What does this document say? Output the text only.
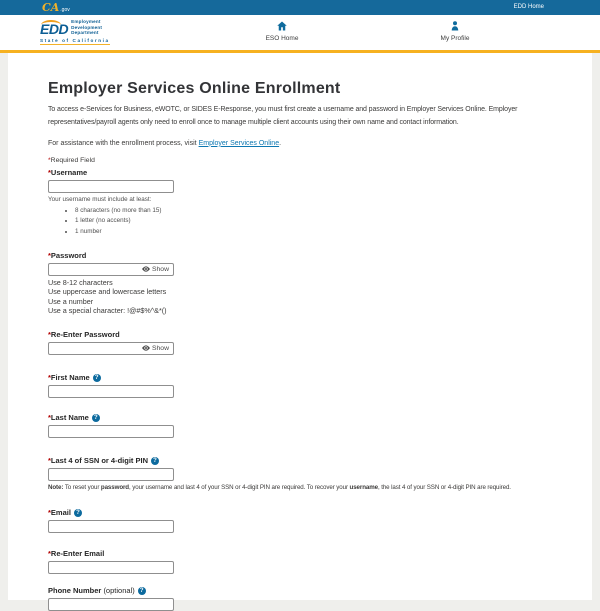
CA.gov	EDD Home
EDD Employment
Development
Department
State of California	ESO Home	My Profile
Employer Services Online Enrollment

To access e-Services for Business, eWOTC, or SIDES E-Response, you must first create a username and password in Employer Services Online. Employer representatives/payroll agents only need to enroll once to manage multiple client accounts using their own name and contact information.

For assistance with the enrollment process, visit Employer Services Online.

*Required Field

*Username
Your username must include at least:
• 8 characters (no more than 15)
• 1 letter (no accents)
• 1 number
*Password
Show
Use 8-12 characters
Use uppercase and lowercase letters
Use a number
Use a special character: !@#$%^&*()
*Re-Enter Password
Show
*First Name ?
*Last Name ?
*Last 4 of SSN or 4-digit PIN ?
Note: To reset your password, your username and last 4 of your SSN or 4-digit PIN are required. To recover your username, the last 4 of your SSN or 4-digit PIN are required.
*Email ?
*Re-Enter Email
Phone Number (optional) ?
